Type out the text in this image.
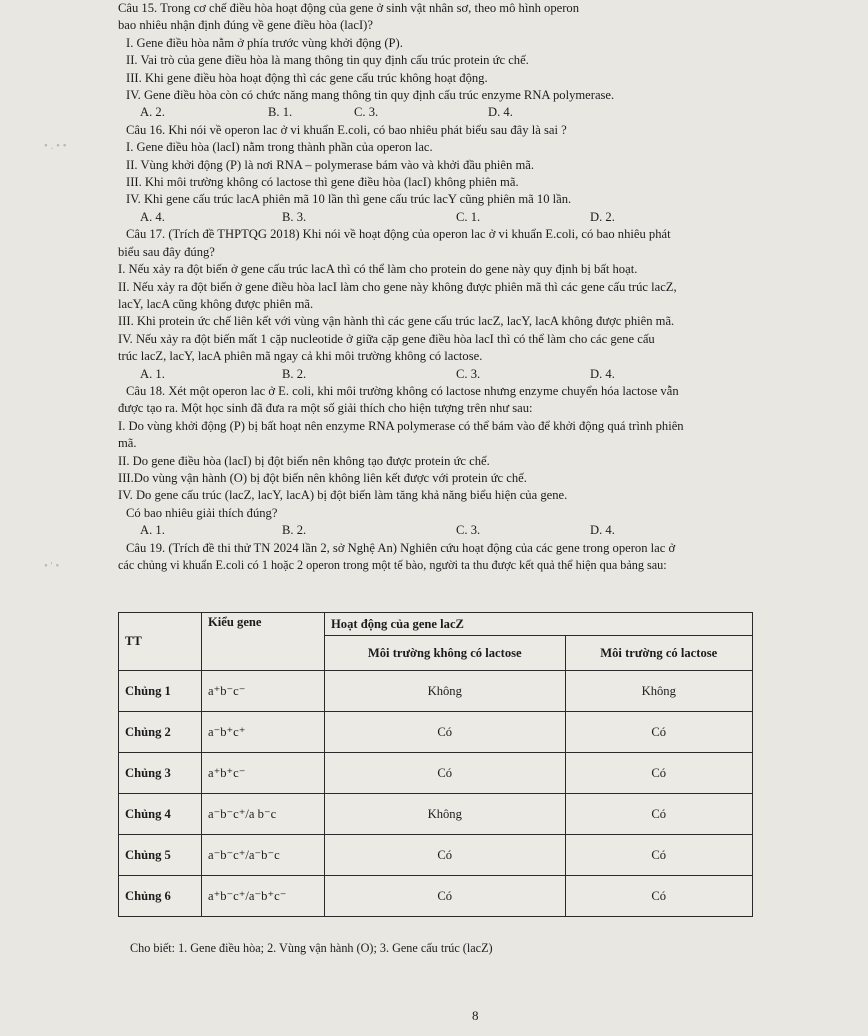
• . • •
• ' •
Câu 15. Trong cơ chế điều hòa hoạt động của gene ở sinh vật nhân sơ, theo mô hình operon
bao nhiêu nhận định đúng về gene điều hòa (lacI)?
I. Gene điều hòa nằm ở phía trước vùng khởi động (P).
II. Vai trò của gene điều hòa là mang thông tin quy định cấu trúc protein ức chế.
III. Khi gene điều hòa hoạt động thì các gene cấu trúc không hoạt động.
IV. Gene điều hòa còn có chức năng mang thông tin quy định cấu trúc enzyme RNA polymerase.
A. 2.	B. 1.	C. 3.	D. 4.
Câu 16. Khi nói về operon lac ở vi khuẩn E.coli, có bao nhiêu phát biểu sau đây là sai ?
I. Gene điều hòa (lacI) nằm trong thành phần của operon lac.
II. Vùng khởi động (P) là nơi RNA – polymerase bám vào và khởi đầu phiên mã.
III. Khi môi trường không có lactose thì gene điều hòa (lacI) không phiên mã.
IV. Khi gene cấu trúc lacA phiên mã 10 lần thì gene cấu trúc lacY cũng phiên mã 10 lần.
A. 4.	B. 3.	C. 1.	D. 2.
Câu 17. (Trích đề THPTQG 2018) Khi nói về hoạt động của operon lac ở vi khuẩn E.coli, có bao nhiêu phát
biểu sau đây đúng?
I. Nếu xảy ra đột biến ở gene cấu trúc lacA thì có thể làm cho protein do gene này quy định bị bất hoạt.
II. Nếu xảy ra đột biến ở gene điều hòa lacI làm cho gene này không được phiên mã thì các gene cấu trúc lacZ,
lacY, lacA cũng không được phiên mã.
III. Khi protein ức chế liên kết với vùng vận hành thì các gene cấu trúc lacZ, lacY, lacA không được phiên mã.
IV. Nếu xảy ra đột biến mất 1 cặp nucleotide ở giữa cặp gene điều hòa lacI thì có thể làm cho các gene cấu
trúc lacZ, lacY, lacA phiên mã ngay cả khi môi trường không có lactose.
A. 1.	B. 2.	C. 3.	D. 4.
Câu 18. Xét một operon lac ở E. coli, khi môi trường không có lactose nhưng enzyme chuyển hóa lactose vẫn
được tạo ra. Một học sinh đã đưa ra một số giải thích cho hiện tượng trên như sau:
I. Do vùng khởi động (P) bị bất hoạt nên enzyme RNA polymerase có thể bám vào để khởi động quá trình phiên
mã.
II. Do gene điều hòa (lacI) bị đột biến nên không tạo được protein ức chế.
III.Do vùng vận hành (O) bị đột biến nên không liên kết được với protein ức chế.
IV. Do gene cấu trúc (lacZ, lacY, lacA) bị đột biến làm tăng khả năng biểu hiện của gene.
Có bao nhiêu giải thích đúng?
A. 1.	B. 2.	C. 3.	D. 4.
Câu 19. (Trích đề thi thử TN 2024 lần 2, sở Nghệ An) Nghiên cứu hoạt động của các gene trong operon lac ở
các chủng vi khuẩn E.coli có 1 hoặc 2 operon trong một tế bào, người ta thu được kết quả thể hiện qua bảng sau:
TT	Kiểu gene	Hoạt động của gene lacZ	
		Môi trường không có lactose	Môi trường có lactose
Chủng 1	a⁺b⁻c⁻	Không	Không
Chủng 2	a⁻b⁺c⁺	Có	Có
Chủng 3	a⁺b⁺c⁻	Có	Có
Chủng 4	a⁻b⁻c⁺/a b⁻c	Không	Có
Chủng 5	a⁻b⁻c⁺/a⁻b⁻c	Có	Có
Chủng 6	a⁺b⁻c⁺/a⁻b⁺c⁻	Có	Có
Cho biết: 1. Gene điều hòa; 2. Vùng vận hành (O); 3. Gene cấu trúc (lacZ)
8
